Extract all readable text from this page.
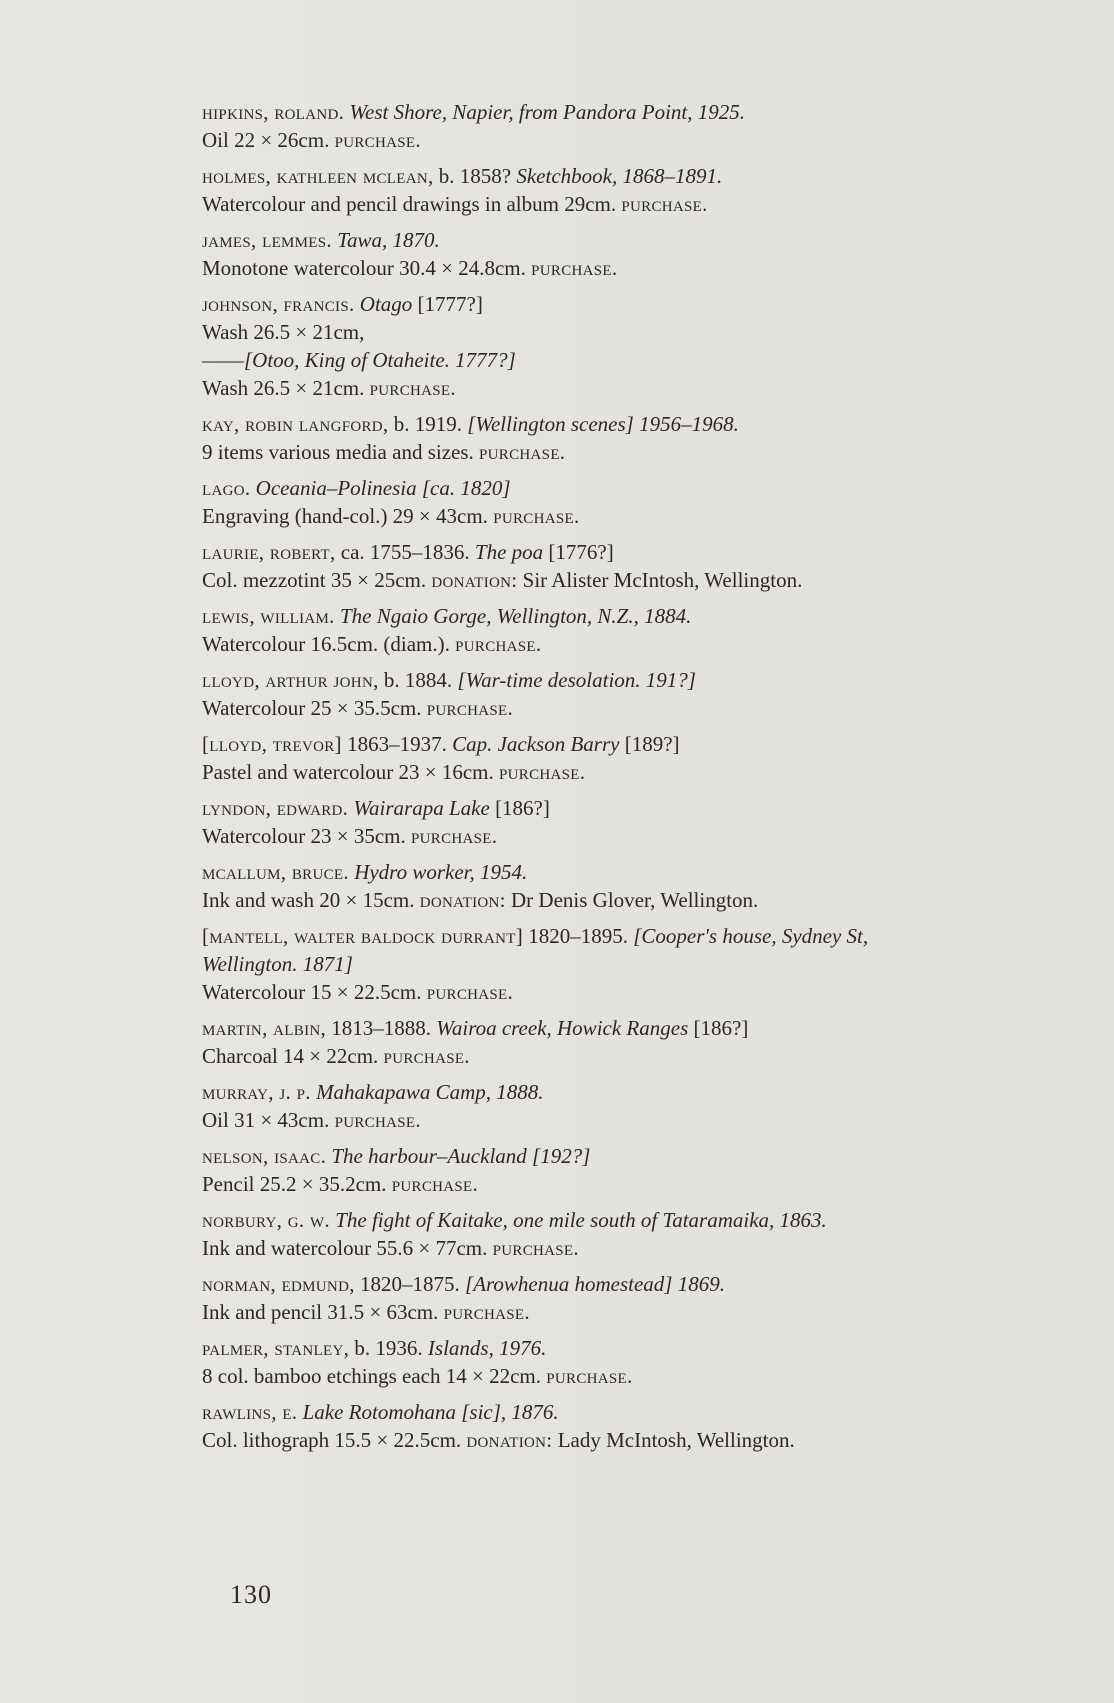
hipkins, roland. West Shore, Napier, from Pandora Point, 1925.
Oil 22 × 26cm. purchase.
holmes, kathleen mclean, b. 1858? Sketchbook, 1868–1891.
Watercolour and pencil drawings in album 29cm. purchase.
james, lemmes. Tawa, 1870.
Monotone watercolour 30.4 × 24.8cm. purchase.
johnson, francis. Otago [1777?]
Wash 26.5 × 21cm,
——[Otoo, King of Otaheite. 1777?]
Wash 26.5 × 21cm. purchase.
kay, robin langford, b. 1919. [Wellington scenes] 1956–1968.
9 items various media and sizes. purchase.
lago. Oceania–Polinesia [ca. 1820]
Engraving (hand-col.) 29 × 43cm. purchase.
laurie, robert, ca. 1755–1836. The poa [1776?]
Col. mezzotint 35 × 25cm. donation: Sir Alister McIntosh, Wellington.
lewis, william. The Ngaio Gorge, Wellington, N.Z., 1884.
Watercolour 16.5cm. (diam.). purchase.
lloyd, arthur john, b. 1884. [War-time desolation. 191?]
Watercolour 25 × 35.5cm. purchase.
[lloyd, trevor] 1863–1937. Cap. Jackson Barry [189?]
Pastel and watercolour 23 × 16cm. purchase.
lyndon, edward. Wairarapa Lake [186?]
Watercolour 23 × 35cm. purchase.
mcallum, bruce. Hydro worker, 1954.
Ink and wash 20 × 15cm. donation: Dr Denis Glover, Wellington.
[mantell, walter baldock durrant] 1820–1895. [Cooper's house, Sydney St,
Wellington. 1871]
Watercolour 15 × 22.5cm. purchase.
martin, albin, 1813–1888. Wairoa creek, Howick Ranges [186?]
Charcoal 14 × 22cm. purchase.
murray, j. p. Mahakapawa Camp, 1888.
Oil 31 × 43cm. purchase.
nelson, isaac. The harbour–Auckland [192?]
Pencil 25.2 × 35.2cm. purchase.
norbury, g. w. The fight of Kaitake, one mile south of Tataramaika, 1863.
Ink and watercolour 55.6 × 77cm. purchase.
norman, edmund, 1820–1875. [Arowhenua homestead] 1869.
Ink and pencil 31.5 × 63cm. purchase.
palmer, stanley, b. 1936. Islands, 1976.
8 col. bamboo etchings each 14 × 22cm. purchase.
rawlins, e. Lake Rotomohana [sic], 1876.
Col. lithograph 15.5 × 22.5cm. donation: Lady McIntosh, Wellington.
130
